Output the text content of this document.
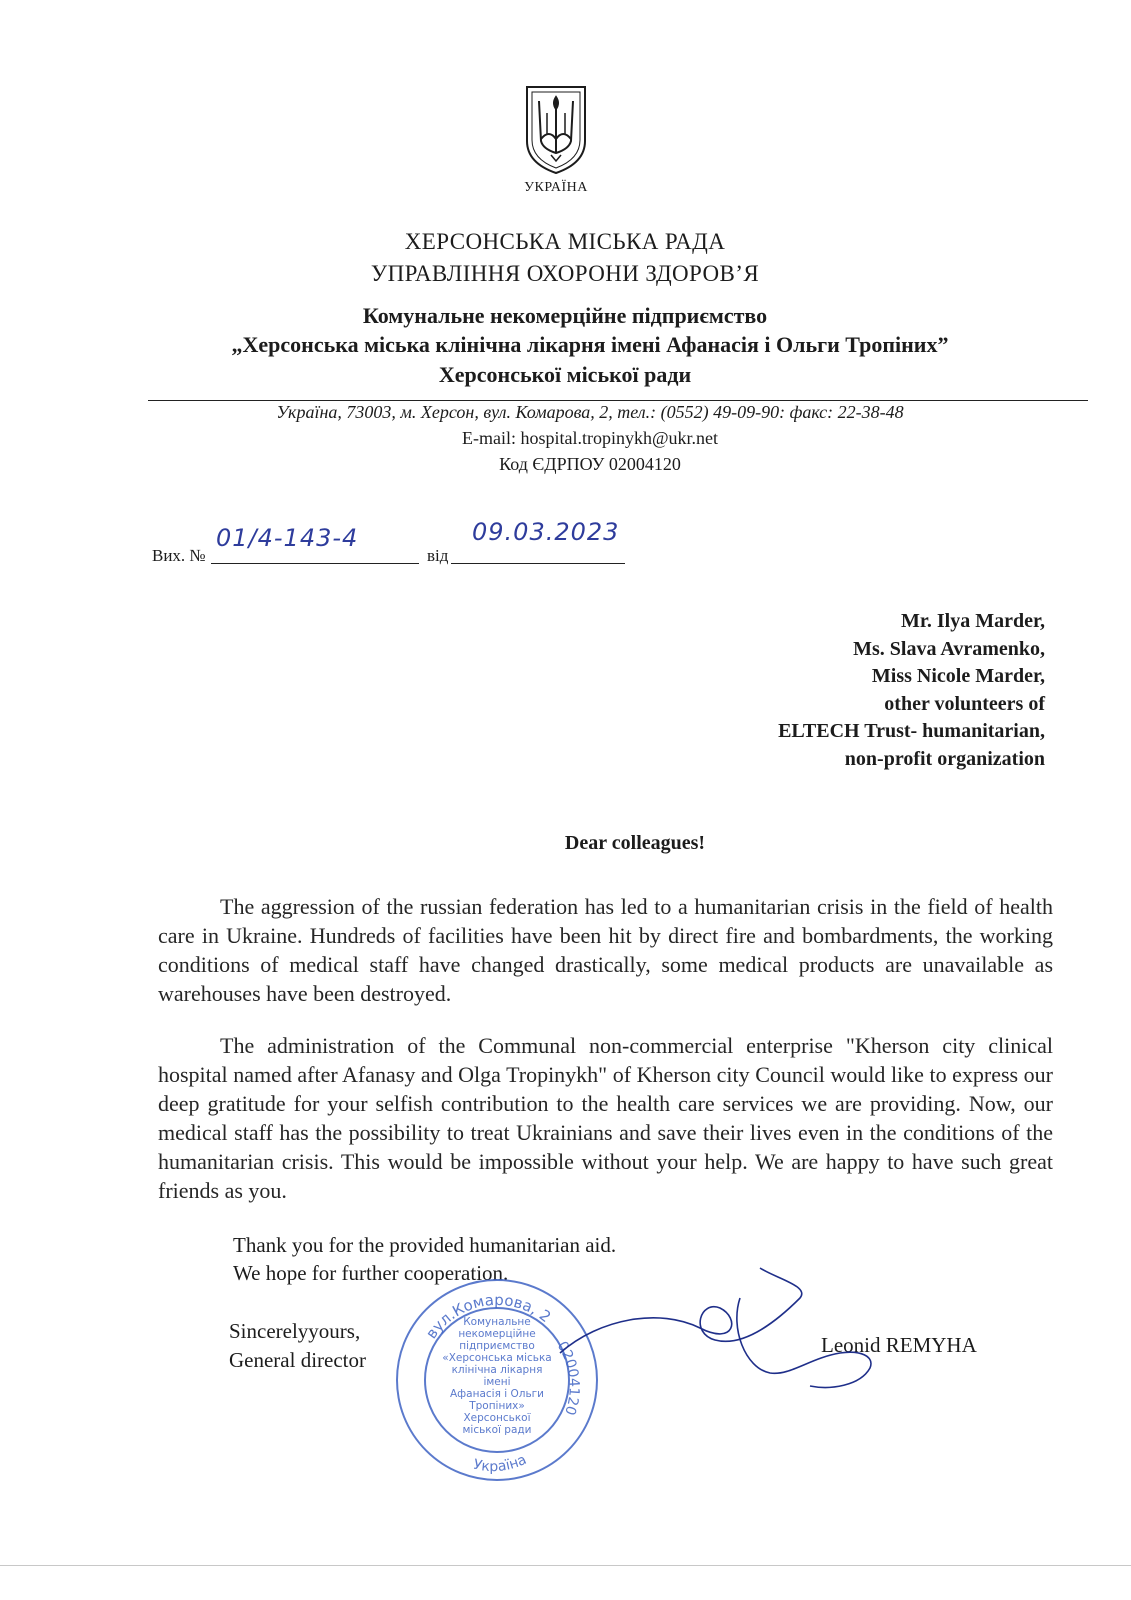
УКРАЇНА
ХЕРСОНСЬКА МІСЬКА РАДА
УПРАВЛІННЯ ОХОРОНИ ЗДОРОВ’Я
Комунальне некомерційне підприємство
„Херсонська міська клінічна лікарня імені Афанасія і Ольги Тропіних”
Херсонської міської ради
Україна, 73003, м. Херсон, вул. Комарова, 2, тел.: (0552) 49-09-90: факс: 22-38-48
E-mail: hospital.tropinykh@ukr.net
Код ЄДРПОУ 02004120
Вих. №
01/4-143-4
від
09.03.2023
Mr. Ilya Marder,
Ms. Slava Avramenko,
Miss Nicole Marder,
other volunteers of
ELTECH Trust- humanitarian,
non-profit organization
Dear colleagues!
The aggression of the russian federation has led to a humanitarian crisis in the field of health care in Ukraine. Hundreds of facilities have been hit by direct fire and bombardments, the working conditions of medical staff have changed drastically, some medical products are unavailable as warehouses have been destroyed.
The administration of the Communal non-commercial enterprise "Kherson city clinical hospital named after Afanasy and Olga Tropinykh" of Kherson city Council would like to express our deep gratitude for your selfish contribution to the health care services we are providing. Now, our medical staff has the possibility to treat Ukrainians and save their lives even in the conditions of the humanitarian crisis. This would be impossible without your help. We are happy to have such great friends as you.
Thank you for the provided humanitarian aid.
We hope for further cooperation.
Sincerelyyours,
General director
Leonid REMYHA
вул.Комарова, 2
02004120
Україна
Комунальне
некомерційне
підприємство
«Херсонська міська
клінічна лікарня
імені
Афанасія і Ольги
Тропіних»
Херсонської
міської ради
